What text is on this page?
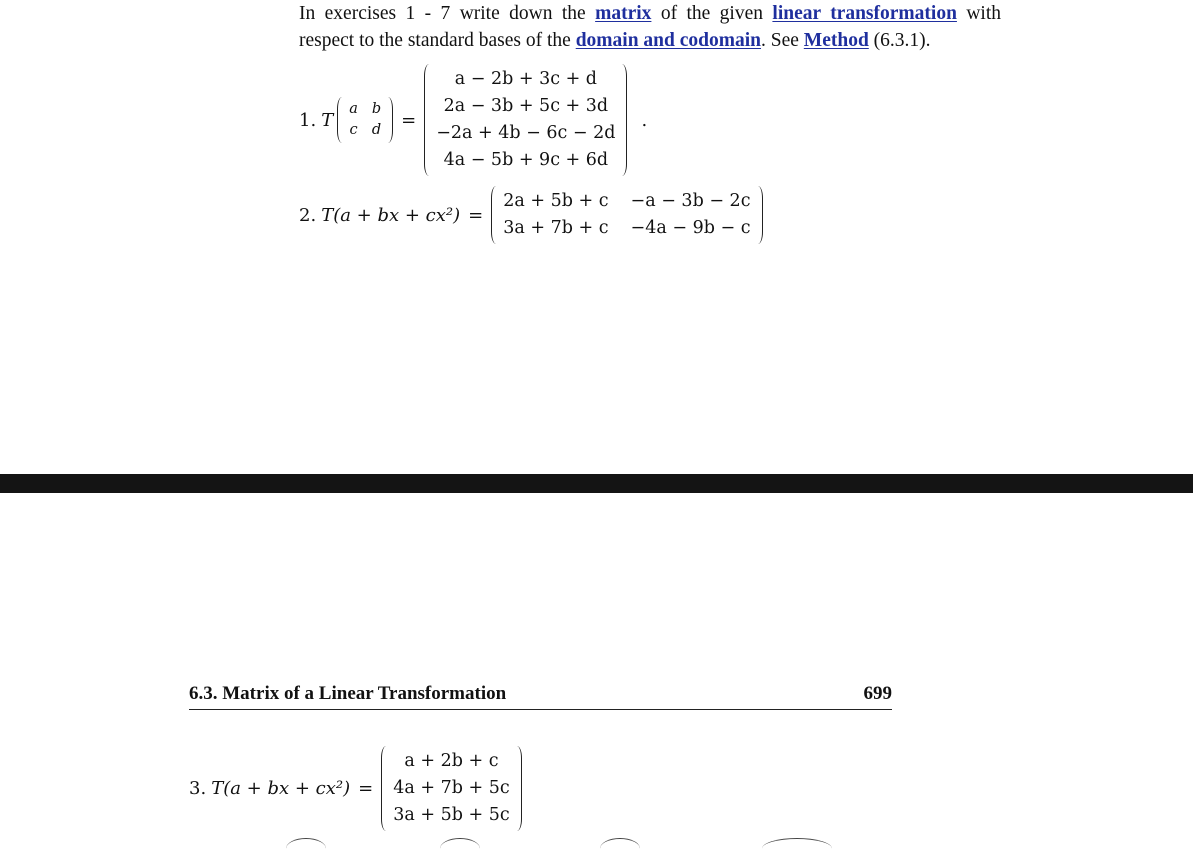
In exercises 1 - 7 write down the matrix of the given linear transformation with
respect to the standard bases of the domain and codomain. See Method (6.3.1).
1. T
a b
c d =
a − 2b + 3c + d
2a − 3b + 5c + 3d
−2a + 4b − 6c − 2d
4a − 5b + 9c + 6d
.
2. T(a + bx + cx²) =
2a + 5b + c −a − 3b − 2c
3a + 7b + c −4a − 9b − c
6.3. Matrix of a Linear Transformation	699
3. T(a + bx + cx²) =
a + 2b + c
4a + 7b + 5c
3a + 5b + 5c
